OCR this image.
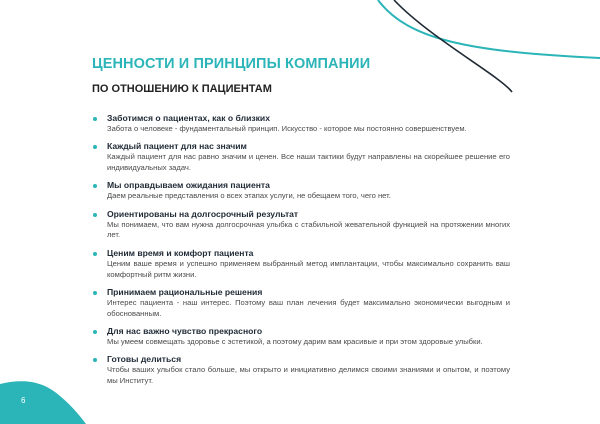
ЦЕННОСТИ И ПРИНЦИПЫ КОМПАНИИ
ПО ОТНОШЕНИЮ К ПАЦИЕНТАМ

Заботимся о пациентах, как о близких

Забота о человеке - фундаментальный принцип. Искусство - которое мы постоянно совершенствуем.

Каждый пациент для нас значим

Каждый пациент для нас равно значим и ценен. Все наши тактики будут направлены на скорейшее решение его индивидуальных задач.

Мы оправдываем ожидания пациента

Даем реальные представления о всех этапах услуги, не обещаем того, чего нет.

Ориентированы на долгосрочный результат

Мы понимаем, что вам нужна долгосрочная улыбка с стабильной жевательной функцией на протяжении многих лет.

Ценим время и комфорт пациента

Ценим ваше время и успешно применяем выбранный метод имплантации, чтобы максимально сохранить ваш комфортный ритм жизни.

Принимаем рациональные решения

Интерес пациента - наш интерес. Поэтому ваш план лечения будет максимально экономически выгодным и обоснованным.

Для нас важно чувство прекрасного

Мы умеем совмещать здоровье с эстетикой, а поэтому дарим вам красивые и при этом здоровые улыбки.

Готовы делиться

Чтобы ваших улыбок стало больше, мы открыто и инициативно делимся своими знаниями и опытом, и поэтому мы Институт.

6
